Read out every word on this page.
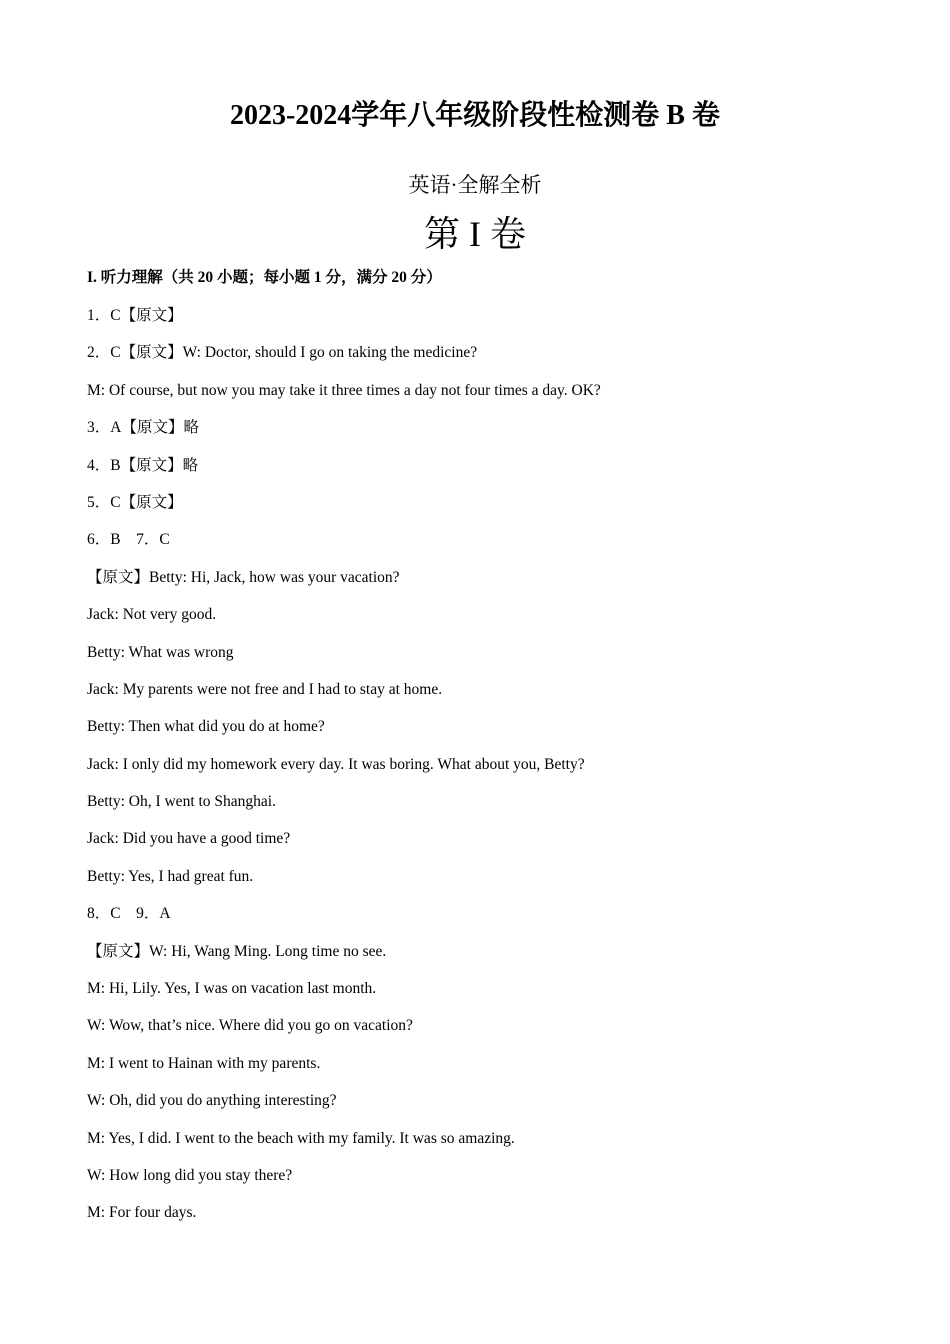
2023-2024学年八年级阶段性检测卷 B 卷
英语·全解全析
第 I 卷
I. 听力理解（共 20 小题；每小题 1 分，满分 20 分）
1．C【原文】
2．C【原文】W: Doctor, should I go on taking the medicine?
M: Of course, but now you may take it three times a day not four times a day. OK?
3．A【原文】略
4．B【原文】略
5．C【原文】
6．B　7．C
【原文】Betty: Hi, Jack, how was your vacation?
Jack: Not very good.
Betty: What was wrong
Jack: My parents were not free and I had to stay at home.
Betty: Then what did you do at home?
Jack: I only did my homework every day. It was boring. What about you, Betty?
Betty: Oh, I went to Shanghai.
Jack: Did you have a good time?
Betty: Yes, I had great fun.
8．C　9．A
【原文】W: Hi, Wang Ming. Long time no see.
M: Hi, Lily. Yes, I was on vacation last month.
W: Wow, that’s nice. Where did you go on vacation?
M: I went to Hainan with my parents.
W: Oh, did you do anything interesting?
M: Yes, I did. I went to the beach with my family. It was so amazing.
W: How long did you stay there?
M: For four days.
